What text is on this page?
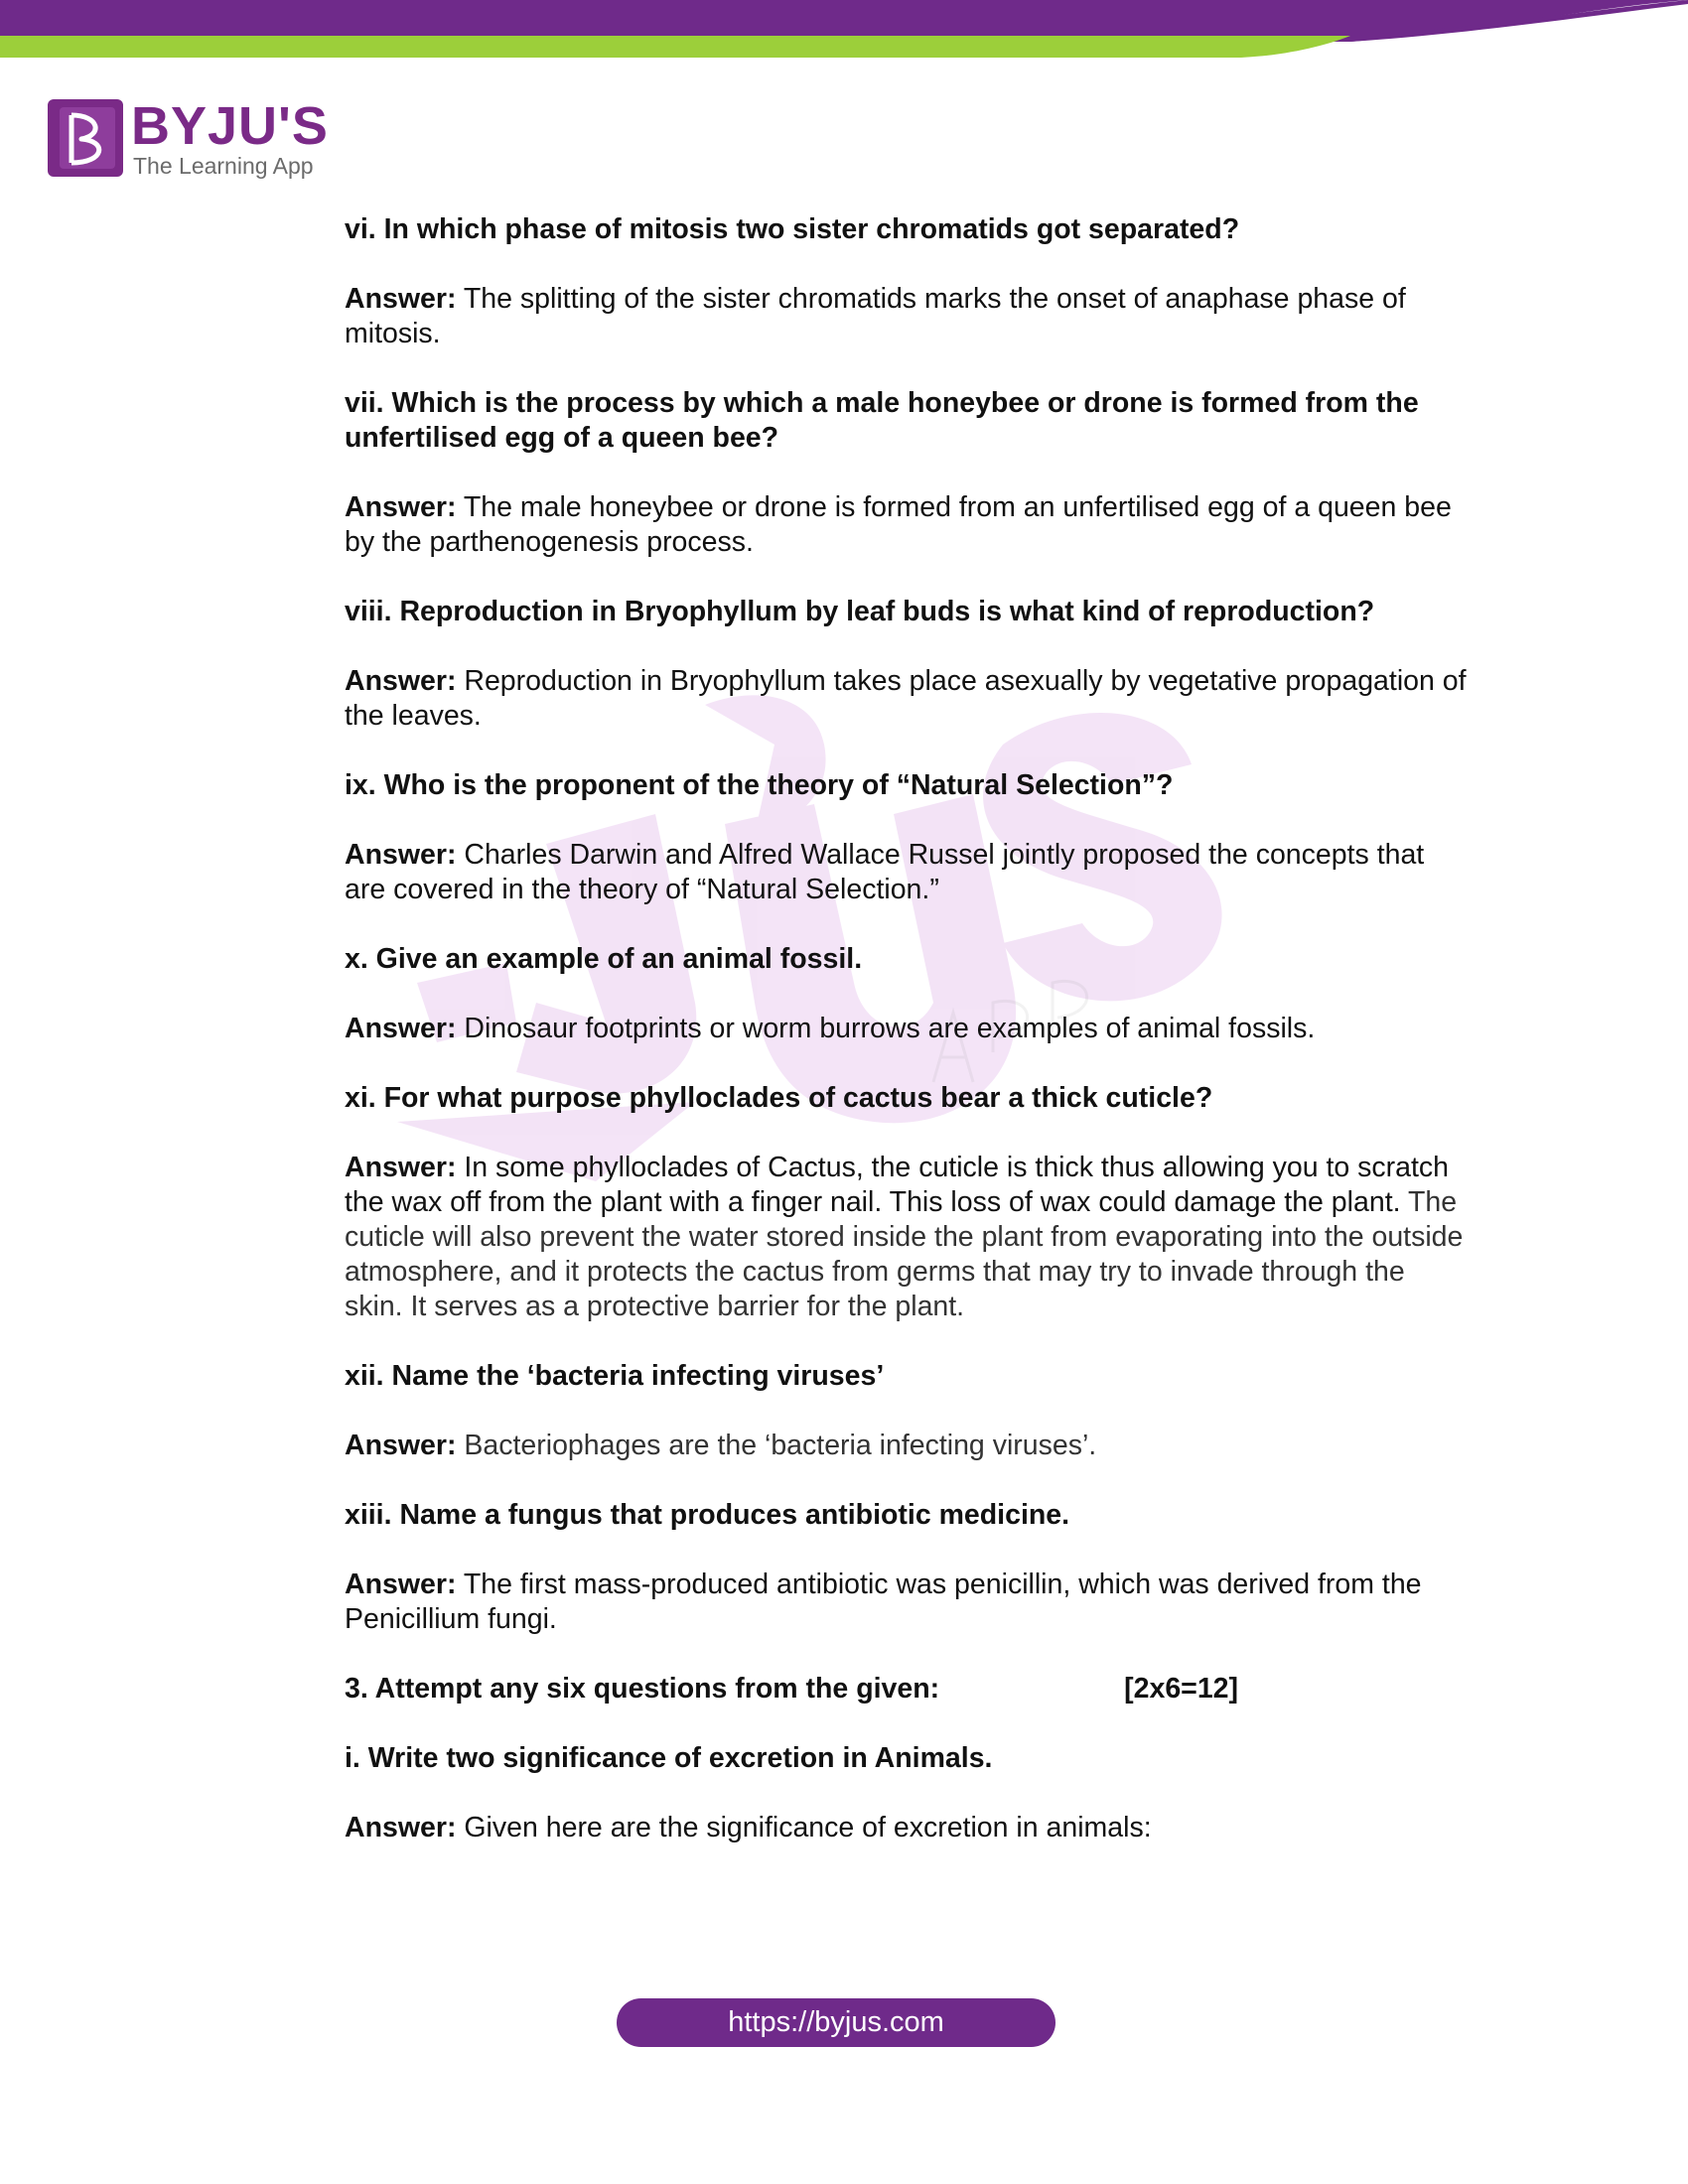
BYJU'S
The Learning App

vi. In which phase of mitosis two sister chromatids got separated?

Answer: The splitting of the sister chromatids marks the onset of anaphase phase of mitosis.

vii. Which is the process by which a male honeybee or drone is formed from the unfertilised egg of a queen bee?

Answer: The male honeybee or drone is formed from an unfertilised egg of a queen bee by the parthenogenesis process.

viii. Reproduction in Bryophyllum by leaf buds is what kind of reproduction?

Answer: Reproduction in Bryophyllum takes place asexually by vegetative propagation of the leaves.

ix. Who is the proponent of the theory of “Natural Selection”?

Answer: Charles Darwin and Alfred Wallace Russel jointly proposed the concepts that are covered in the theory of “Natural Selection.”

x. Give an example of an animal fossil.

Answer: Dinosaur footprints or worm burrows are examples of animal fossils.

xi. For what purpose phylloclades of cactus bear a thick cuticle?

Answer: In some phylloclades of Cactus, the cuticle is thick thus allowing you to scratch the wax off from the plant with a finger nail. This loss of wax could damage the plant. The cuticle will also prevent the water stored inside the plant from evaporating into the outside atmosphere, and it protects the cactus from germs that may try to invade through the skin. It serves as a protective barrier for the plant.

xii. Name the ‘bacteria infecting viruses’

Answer: Bacteriophages are the ‘bacteria infecting viruses’.

xiii. Name a fungus that produces antibiotic medicine.

Answer: The first mass-produced antibiotic was penicillin, which was derived from the Penicillium fungi.

3. Attempt any six questions from the given:	[2x6=12]

i. Write two significance of excretion in Animals.

Answer: Given here are the significance of excretion in animals:

https://byjus.com
